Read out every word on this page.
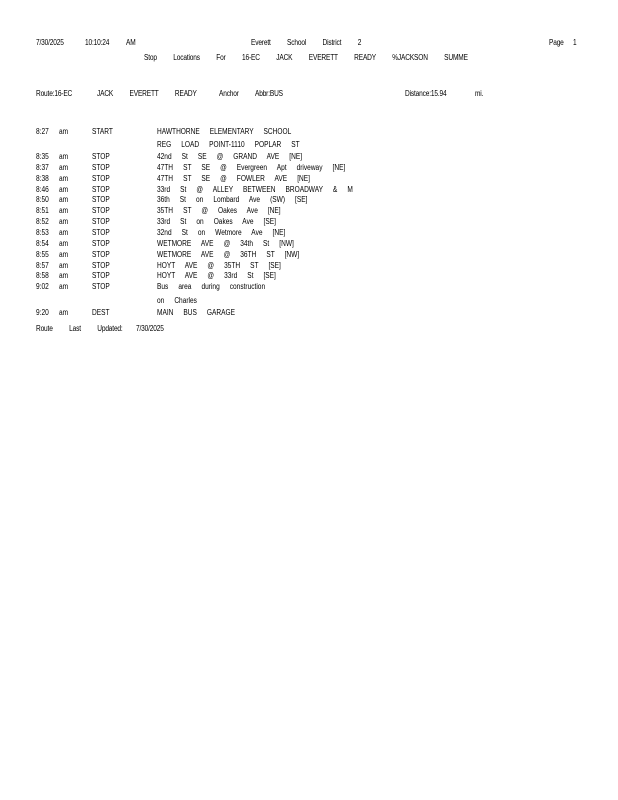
7/30/2025	10:10:24 AM	Everett School District 2	Page 1
Stop Locations For 16-EC JACK EVERETT READY %JACKSON SUMME
Route:16-EC	JACK EVERETT READY	Anchor Abbr:BUS	Distance:15.94	mi.
8:27 am	START	HAWTHORNE ELEMENTARY SCHOOL
REG LOAD POINT-1110 POPLAR ST
8:35 am	STOP	42nd St SE @ GRAND AVE [NE]
8:37 am	STOP	47TH ST SE @ Evergreen Apt driveway [NE]
8:38 am	STOP	47TH ST SE @ FOWLER AVE [NE]
8:46 am	STOP	33rd St @ ALLEY BETWEEN BROADWAY & M
8:50 am	STOP	36th St on Lombard Ave (SW) [SE]
8:51 am	STOP	35TH ST @ Oakes Ave [NE]
8:52 am	STOP	33rd St on Oakes Ave [SE]
8:53 am	STOP	32nd St on Wetmore Ave [NE]
8:54 am	STOP	WETMORE AVE @ 34th St [NW]
8:55 am	STOP	WETMORE AVE @ 36TH ST [NW]
8:57 am	STOP	HOYT AVE @ 35TH ST [SE]
8:58 am	STOP	HOYT AVE @ 33rd St [SE]
9:02 am	STOP	Bus area during construction
on Charles
9:20 am	DEST	MAIN BUS GARAGE
Route Last Updated: 7/30/2025
